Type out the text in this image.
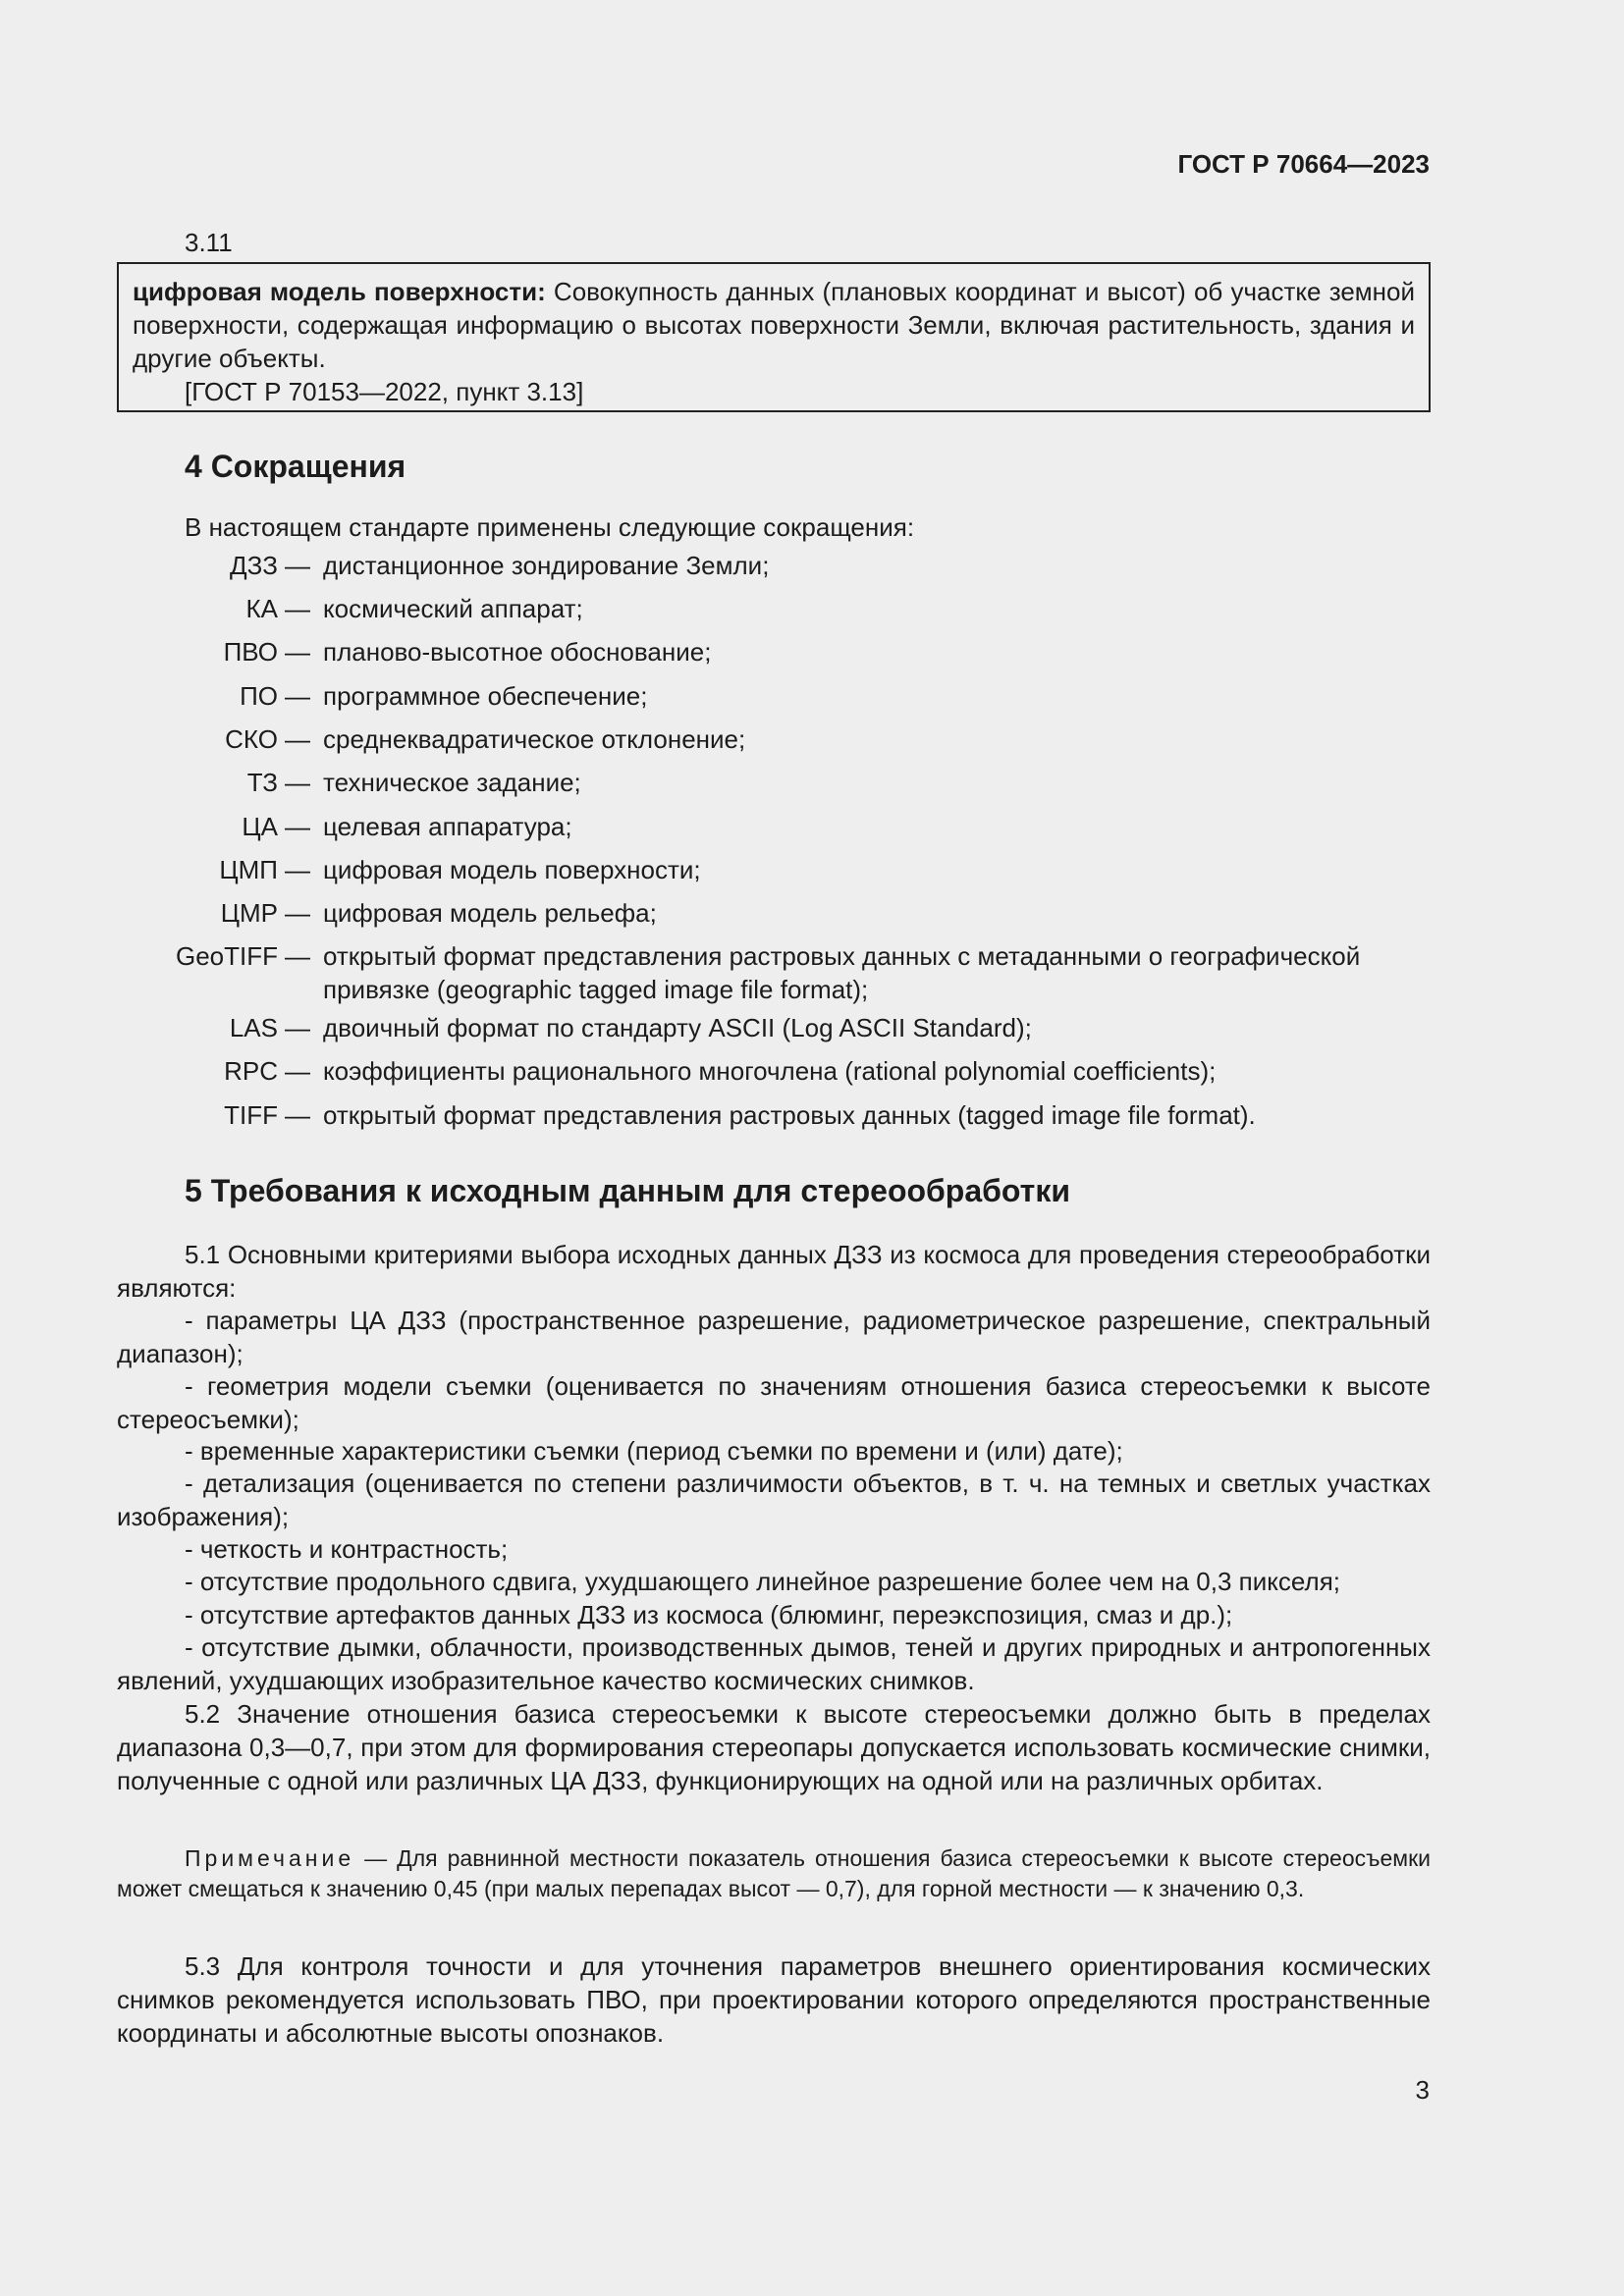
ГОСТ Р 70664—2023
3.11
цифровая модель поверхности: Совокупность данных (плановых координат и высот) об участке земной поверхности, содержащая информацию о высотах поверхности Земли, включая растительность, здания и другие объекты.
[ГОСТ Р 70153—2022, пункт 3.13]
4 Сокращения
В настоящем стандарте применены следующие сокращения:
ДЗЗ — дистанционное зондирование Земли;
КА — космический аппарат;
ПВО — планово-высотное обоснование;
ПО — программное обеспечение;
СКО — среднеквадратическое отклонение;
ТЗ — техническое задание;
ЦА — целевая аппаратура;
ЦМП — цифровая модель поверхности;
ЦМР — цифровая модель рельефа;
GeoTIFF — открытый формат представления растровых данных с метаданными о географической привязке (geographic tagged image file format);
LAS — двоичный формат по стандарту ASCII (Log ASCII Standard);
RPC — коэффициенты рационального многочлена (rational polynomial coefficients);
TIFF — открытый формат представления растровых данных (tagged image file format).
5 Требования к исходным данным для стереообработки
5.1 Основными критериями выбора исходных данных ДЗЗ из космоса для проведения стереообработки являются:
- параметры ЦА ДЗЗ (пространственное разрешение, радиометрическое разрешение, спектральный диапазон);
- геометрия модели съемки (оценивается по значениям отношения базиса стереосъемки к высоте стереосъемки);
- временные характеристики съемки (период съемки по времени и (или) дате);
- детализация (оценивается по степени различимости объектов, в т. ч. на темных и светлых участках изображения);
- четкость и контрастность;
- отсутствие продольного сдвига, ухудшающего линейное разрешение более чем на 0,3 пикселя;
- отсутствие артефактов данных ДЗЗ из космоса (блюминг, переэкспозиция, смаз и др.);
- отсутствие дымки, облачности, производственных дымов, теней и других природных и антропогенных явлений, ухудшающих изобразительное качество космических снимков.
5.2 Значение отношения базиса стереосъемки к высоте стереосъемки должно быть в пределах диапазона 0,3—0,7, при этом для формирования стереопары допускается использовать космические снимки, полученные с одной или различных ЦА ДЗЗ, функционирующих на одной или на различных орбитах.
Примечание — Для равнинной местности показатель отношения базиса стереосъемки к высоте стереосъемки может смещаться к значению 0,45 (при малых перепадах высот — 0,7), для горной местности — к значению 0,3.
5.3 Для контроля точности и для уточнения параметров внешнего ориентирования космических снимков рекомендуется использовать ПВО, при проектировании которого определяются пространственные координаты и абсолютные высоты опознаков.
3
